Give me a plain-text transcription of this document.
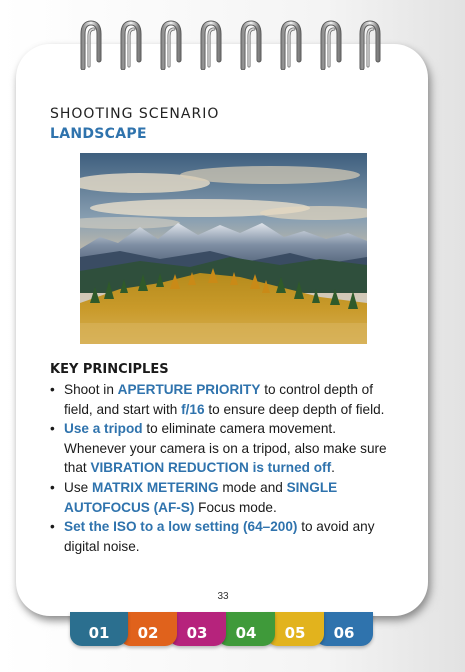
01	02	03	04	05	06
SHOOTING SCENARIO
LANDSCAPE
KEY PRINCIPLES
• Shoot in APERTURE PRIORITY to control depth of field, and start with f/16 to ensure deep depth of field.
• Use a tripod to eliminate camera movement. Whenever your camera is on a tripod, also make sure that VIBRATION REDUCTION is turned off.
• Use MATRIX METERING mode and SINGLE AUTOFOCUS (AF-S) Focus mode.
• Set the ISO to a low setting (64–200) to avoid any digital noise.
33
